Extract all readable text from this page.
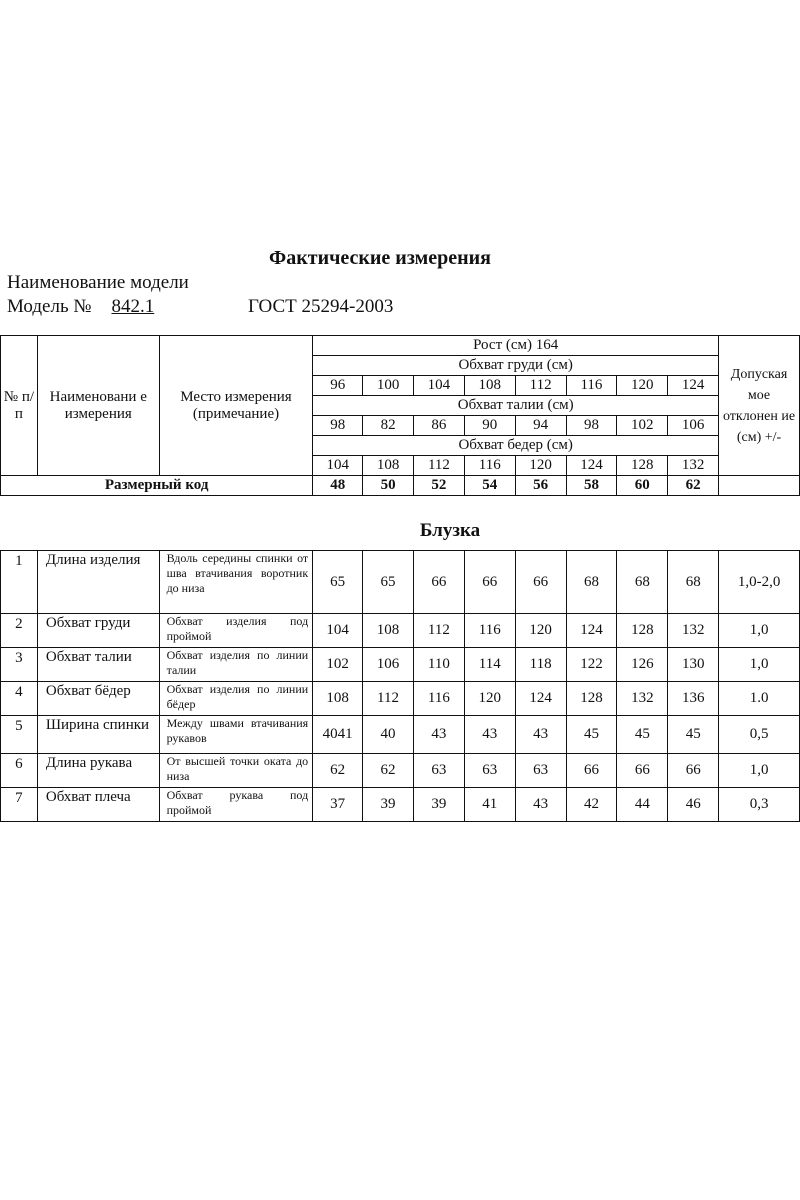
Фактические измерения
Наименование модели
Модель № 842.1	ГОСТ 25294-2003
№ п/п	Наименовани е измерения	Место измерения (примечание)	Рост (см) 164								Допуская мое отклонен ие (см) +/-
			Обхват груди (см)								
			96	100	104	108	112	116	120	124	
			Обхват талии (см)								
			98	82	86	90	94	98	102	106	
			Обхват бедер (см)								
			104	108	112	116	120	124	128	132	
Размерный код			48	50	52	54	56	58	60	62	
Блузка
1	Длина изделия	Вдоль середины спинки от шва втачивания воротник до низа	65	65	66	66	66	68	68	68	1,0-2,0
2	Обхват груди	Обхват изделия под проймой	104	108	112	116	120	124	128	132	1,0
3	Обхват талии	Обхват изделия по линии талии	102	106	110	114	118	122	126	130	1,0
4	Обхват бёдер	Обхват изделия по линии бёдер	108	112	116	120	124	128	132	136	1.0
5	Ширина спинки	Между швами втачивания рукавов	4041	40	43	43	43	45	45	45	0,5
6	Длина рукава	От высшей точки оката до низа	62	62	63	63	63	66	66	66	1,0
7	Обхват плеча	Обхват рукава под проймой	37	39	39	41	43	42	44	46	0,3
